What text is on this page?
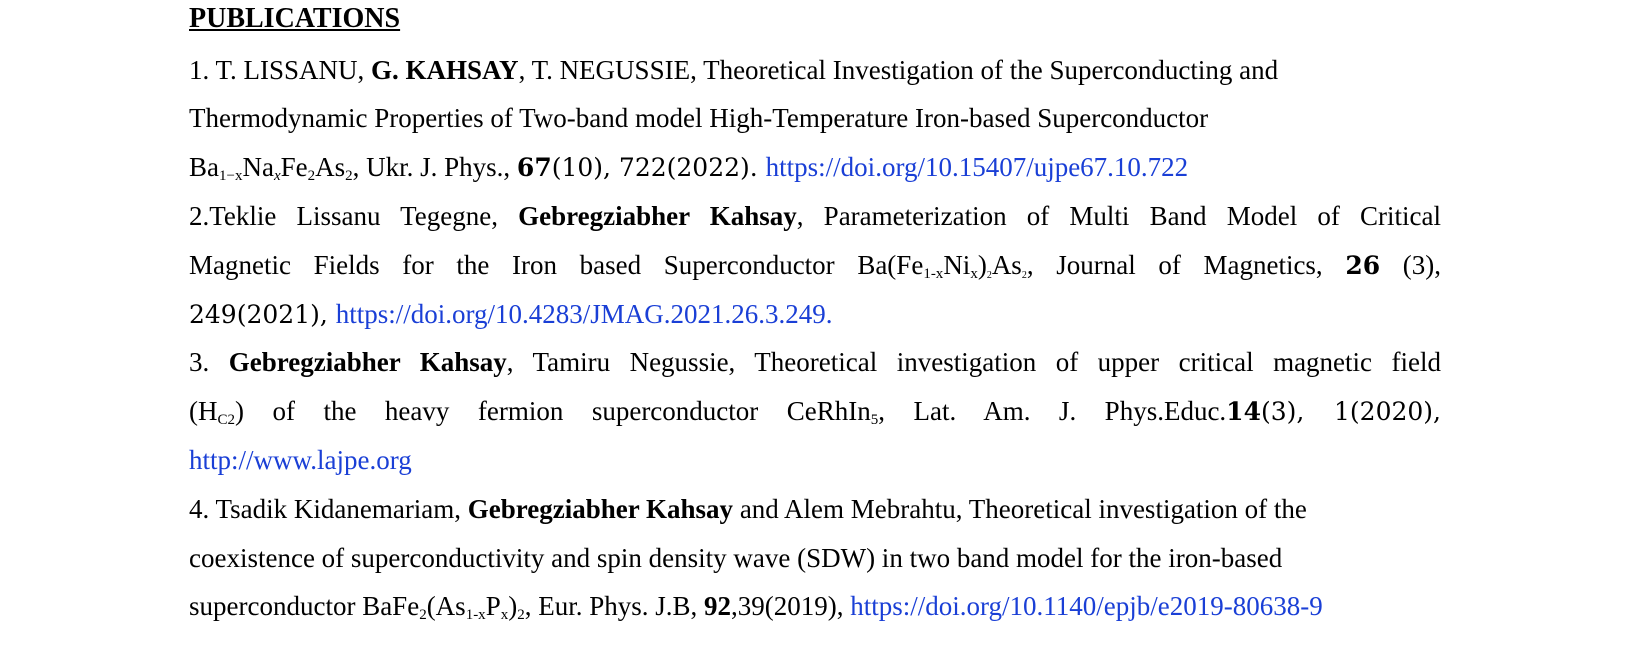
PUBLICATIONS
1. T. LISSANU, G. KAHSAY, T. NEGUSSIE, Theoretical Investigation of the Superconducting and
Thermodynamic Properties of Two-band model High-Temperature Iron-based Superconductor
$Ba_{1-x}Na_xFe_2As_2$, Ukr. J. Phys., 67(10), 722(2022). https://doi.org/10.15407/ujpe67.10.722
2.Teklie Lissanu Tegegne, Gebregziabher Kahsay, Parameterization of Multi Band Model of Critical
Magnetic Fields for the Iron based Superconductor $Ba(Fe_{1-x}Ni_x)_2As_2$, Journal of Magnetics, 26 (3),
249(2021), https://doi.org/10.4283/JMAG.2021.26.3.249.
3. Gebregziabher Kahsay, Tamiru Negussie, Theoretical investigation of upper critical magnetic field
$(H_{C2})$ of the heavy fermion superconductor CeRhIn$_5$, Lat. Am. J. Phys.Educ.14(3), 1(2020),
http://www.lajpe.org
4. Tsadik Kidanemariam, Gebregziabher Kahsay and Alem Mebrahtu, Theoretical investigation of the
coexistence of superconductivity and spin density wave (SDW) in two band model for the iron-based
superconductor $BaFe_2(As_{1-x}P_x)_2$, Eur. Phys. J.B, 92,39(2019), https://doi.org/10.1140/epjb/e2019-80638-9
